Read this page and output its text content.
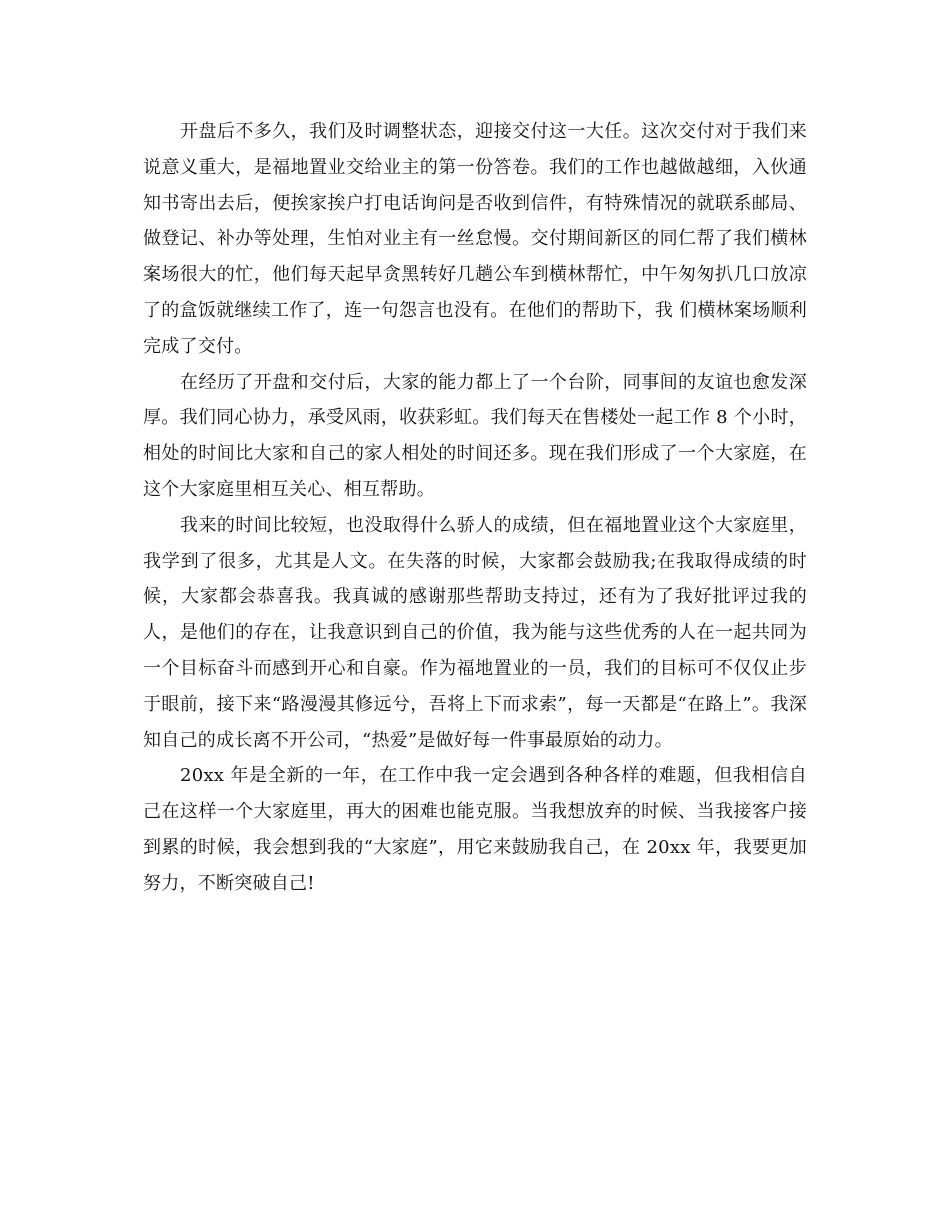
开盘后不多久，我们及时调整状态，迎接交付这一大任。这次交付对于我们来说意义重大，是福地置业交给业主的第一份答卷。我们的工作也越做越细，入伙通知书寄出去后，便挨家挨户打电话询问是否收到信件，有特殊情况的就联系邮局、做登记、补办等处理，生怕对业主有一丝怠慢。交付期间新区的同仁帮了我们横林案场很大的忙，他们每天起早贪黑转好几趟公车到横林帮忙，中午匆匆扒几口放凉了的盒饭就继续工作了，连一句怨言也没有。在他们的帮助下，我 们横林案场顺利完成了交付。

在经历了开盘和交付后，大家的能力都上了一个台阶，同事间的友谊也愈发深厚。我们同心协力，承受风雨，收获彩虹。我们每天在售楼处一起工作 8 个小时，相处的时间比大家和自己的家人相处的时间还多。现在我们形成了一个大家庭，在这个大家庭里相互关心、相互帮助。

我来的时间比较短，也没取得什么骄人的成绩，但在福地置业这个大家庭里，我学到了很多，尤其是人文。在失落的时候，大家都会鼓励我;在我取得成绩的时候，大家都会恭喜我。我真诚的感谢那些帮助支持过，还有为了我好批评过我的人，是他们的存在，让我意识到自己的价值，我为能与这些优秀的人在一起共同为一个目标奋斗而感到开心和自豪。作为福地置业的一员，我们的目标可不仅仅止步于眼前，接下来“路漫漫其修远兮，吾将上下而求索”，每一天都是“在路上”。我深知自己的成长离不开公司，“热爱”是做好每一件事最原始的动力。

20xx 年是全新的一年，在工作中我一定会遇到各种各样的难题，但我相信自己在这样一个大家庭里，再大的困难也能克服。当我想放弃的时候、当我接客户接到累的时候，我会想到我的“大家庭”，用它来鼓励我自己，在 20xx 年，我要更加努力，不断突破自己!
